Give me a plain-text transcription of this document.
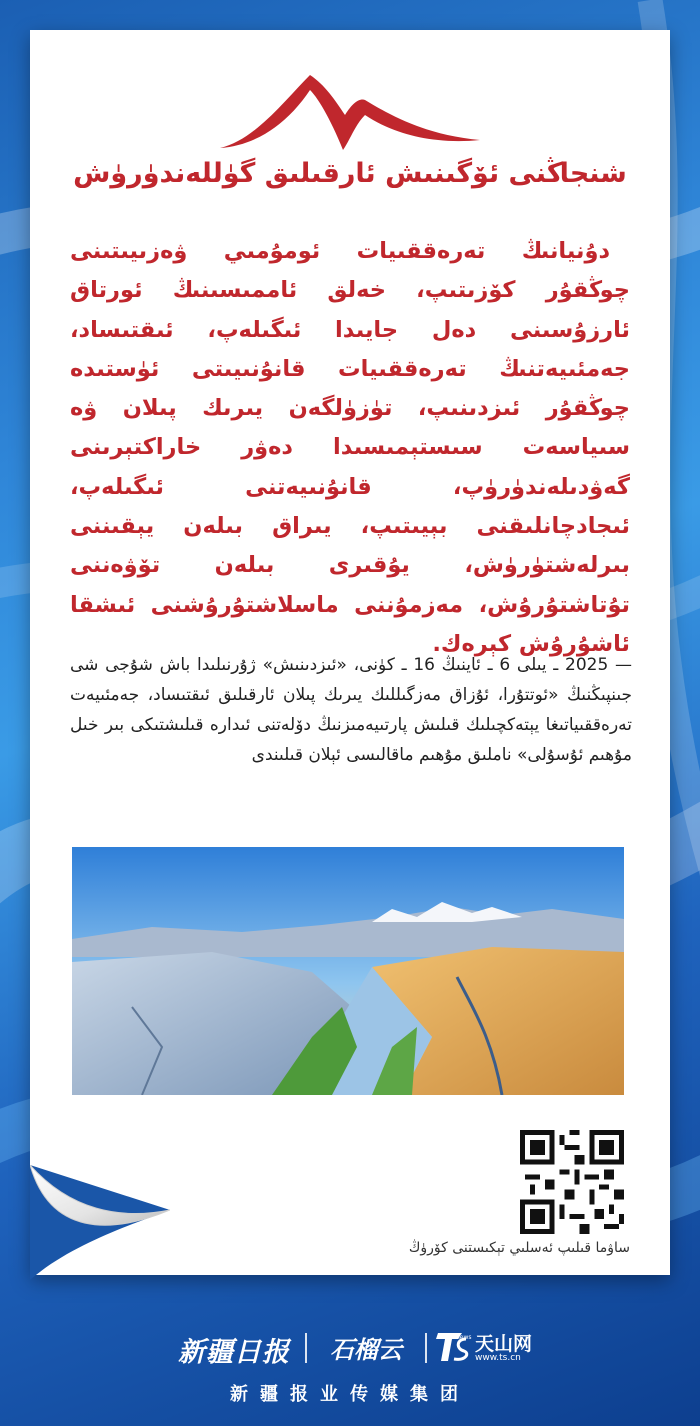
شنجاڭنى ئۆگىنىش ئارقىلىق گۈللەندۈرۈش
دۇنيانىڭ تەرەققىيات ئومۇمىي ۋەزىيىتىنى چوڭقۇر كۆزىتىپ، خەلق ئاممىسىنىڭ ئورتاق ئارزۇسىنى دەل جايىدا ئىگىلەپ، ئىقتىساد، جەمئىيەتنىڭ تەرەققىيات قانۇنىيىتى ئۈستىدە چوڭقۇر ئىزدىنىپ، تۈزۈلگەن يىرىك پىلان ۋە سىياسەت سىستېمىسىدا دەۋر خاراكتېرىنى گەۋدىلەندۈرۈپ، قانۇنىيەتنى ئىگىلەپ، ئىجادچانلىقنى بېيىتىپ، يىراق بىلەن يېقىننى بىرلەشتۈرۈش، يۇقىرى بىلەن تۆۋەننى تۇتاشتۇرۇش، مەزمۇننى ماسلاشتۇرۇشنى ئىشقا ئاشۇرۇش كېرەك.
— 2025 ـ يىلى 6 ـ ئاينىڭ 16 ـ كۈنى، «ئىزدىنىش» ژۇرنىلىدا باش شۇجى شى جىنپىڭنىڭ «ئوتتۇرا، ئۇزاق مەزگىللىك يىرىك پىلان ئارقىلىق ئىقتىساد، جەمئىيەت تەرەققىياتىغا يېتەكچىلىك قىلىش پارتىيەمىزنىڭ دۆلەتنى ئىدارە قىلىشتىكى بىر خىل مۇھىم ئۇسۇلى» ناملىق مۇھىم ماقالىسى ئېلان قىلىندى
ساۋما قىلىپ ئەسلىي تېكىستنى كۆرۈڭ
新疆日报 石榴云	news 天山网
www.ts.cn
新疆报业传媒集团
